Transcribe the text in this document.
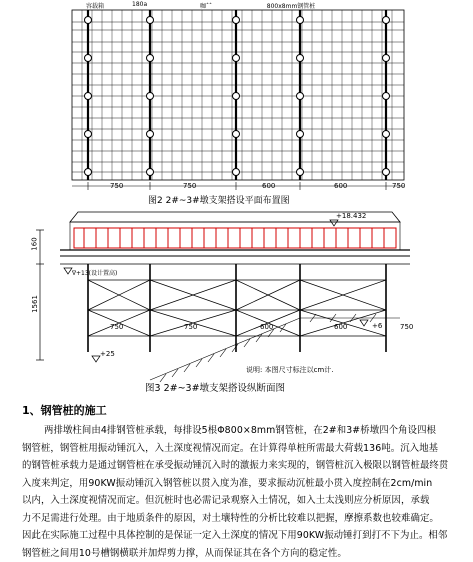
容载箱	180a	咖ˆˆ	800x8mm钢管桩
750	750	600	600	750
图2 2#~3#墩支架搭设平面布置图
+18.432
∇+13(设计置高)
+6
+25
160
1561
750	750	600	600	750
说明: 本图尺寸标注以cm计.
图3 2#~3#墩支架搭设纵断面图
1、钢管桩的施工
两排墩柱间由4排钢管桩承载，每排设5根Φ800×8mm钢管桩，在2#和3#桥墩四个角设四根
钢管桩，钢管桩用振动锤沉入，入土深度视情况而定。在计算得单桩所需最大荷载136吨。沉入地基
的钢管桩承载力是通过钢管桩在承受振动锤沉入时的激振力来实现的，钢管桩沉入极限以钢管桩最终贯
入度来判定，用90KW振动锤沉入钢管桩以贯入度为准，要求振动沉桩最小贯入度控制在2cm/min
以内，入土深度视情况而定。但沉桩时也必需记录观察入土情况，如入土太浅则应分析原因，承载
力不足需进行处理。由于地质条件的原因，对土壤特性的分析比较难以把握，摩擦系数也较难确定。
因此在实际施工过程中具体控制的是保证一定入土深度的情况下用90KW振动锤打到打不下为止。相邻
钢管桩之间用10号槽钢横联并加焊剪力撑，从而保证其在各个方向的稳定性。
